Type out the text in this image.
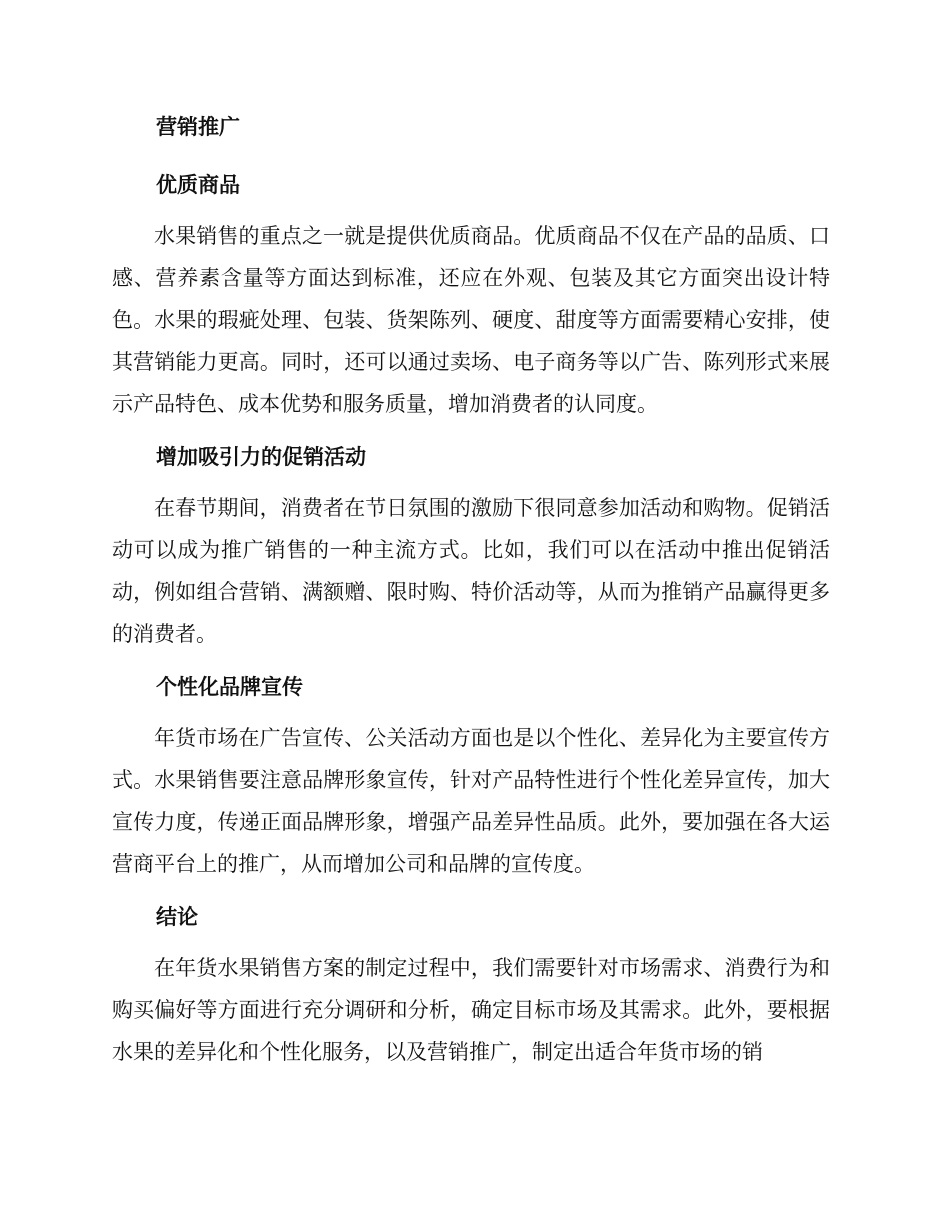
营销推广
优质商品

水果销售的重点之一就是提供优质商品。优质商品不仅在产品的品质、口感、营养素含量等方面达到标准，还应在外观、包装及其它方面突出设计特色。水果的瑕疵处理、包装、货架陈列、硬度、甜度等方面需要精心安排，使其营销能力更高。同时，还可以通过卖场、电子商务等以广告、陈列形式来展示产品特色、成本优势和服务质量，增加消费者的认同度。

增加吸引力的促销活动

在春节期间，消费者在节日氛围的激励下很同意参加活动和购物。促销活动可以成为推广销售的一种主流方式。比如，我们可以在活动中推出促销活动，例如组合营销、满额赠、限时购、特价活动等，从而为推销产品赢得更多的消费者。

个性化品牌宣传

年货市场在广告宣传、公关活动方面也是以个性化、差异化为主要宣传方式。水果销售要注意品牌形象宣传，针对产品特性进行个性化差异宣传，加大宣传力度，传递正面品牌形象，增强产品差异性品质。此外，要加强在各大运营商平台上的推广，从而增加公司和品牌的宣传度。

结论

在年货水果销售方案的制定过程中，我们需要针对市场需求、消费行为和购买偏好等方面进行充分调研和分析，确定目标市场及其需求。此外，要根据水果的差异化和个性化服务，以及营销推广，制定出适合年货市场的销
